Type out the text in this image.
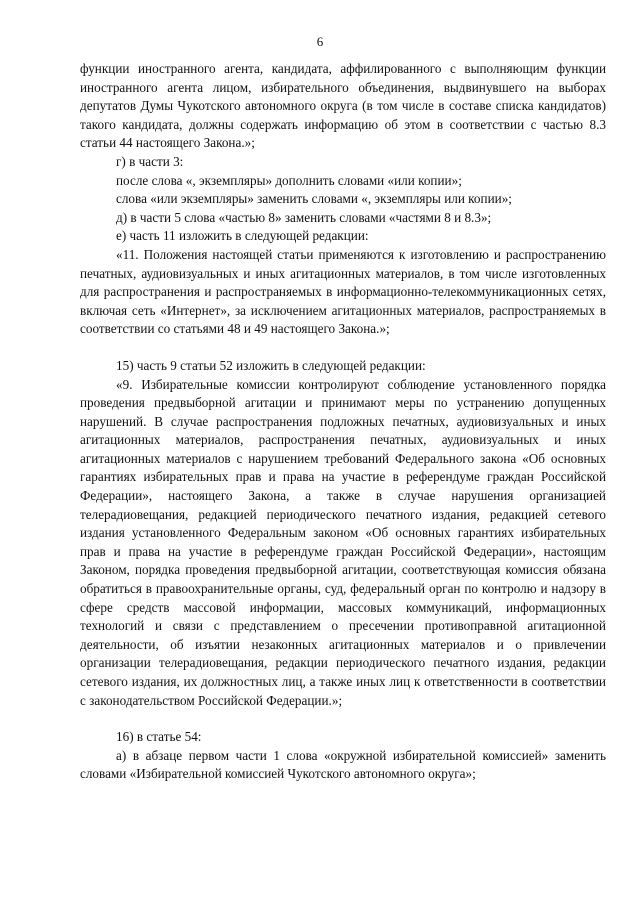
6

функции иностранного агента, кандидата, аффилированного с выполняющим функции иностранного агента лицом, избирательного объединения, выдвинувшего на выборах депутатов Думы Чукотского автономного округа (в том числе в составе списка кандидатов) такого кандидата, должны содержать информацию об этом в соответствии с частью 8.3 статьи 44 настоящего Закона.»;

г) в части 3:

после слова «, экземпляры» дополнить словами «или копии»;

слова «или экземпляры» заменить словами «, экземпляры или копии»;

д) в части 5 слова «частью 8» заменить словами «частями 8 и 8.3»;

е) часть 11 изложить в следующей редакции:

«11. Положения настоящей статьи применяются к изготовлению и распространению печатных, аудиовизуальных и иных агитационных материалов, в том числе изготовленных для распространения и распространяемых в информационно-телекоммуникационных сетях, включая сеть «Интернет», за исключением агитационных материалов, распространяемых в соответствии со статьями 48 и 49 настоящего Закона.»;

15) часть 9 статьи 52 изложить в следующей редакции:

«9. Избирательные комиссии контролируют соблюдение установленного порядка проведения предвыборной агитации и принимают меры по устранению допущенных нарушений. В случае распространения подложных печатных, аудиовизуальных и иных агитационных материалов, распространения печатных, аудиовизуальных и иных агитационных материалов с нарушением требований Федерального закона «Об основных гарантиях избирательных прав и права на участие в референдуме граждан Российской Федерации», настоящего Закона, а также в случае нарушения организацией телерадиовещания, редакцией периодического печатного издания, редакцией сетевого издания установленного Федеральным законом «Об основных гарантиях избирательных прав и права на участие в референдуме граждан Российской Федерации», настоящим Законом, порядка проведения предвыборной агитации, соответствующая комиссия обязана обратиться в правоохранительные органы, суд, федеральный орган по контролю и надзору в сфере средств массовой информации, массовых коммуникаций, информационных технологий и связи с представлением о пресечении противоправной агитационной деятельности, об изъятии незаконных агитационных материалов и о привлечении организации телерадиовещания, редакции периодического печатного издания, редакции сетевого издания, их должностных лиц, а также иных лиц к ответственности в соответствии с законодательством Российской Федерации.»;

16) в статье 54:

а) в абзаце первом части 1 слова «окружной избирательной комиссией» заменить словами «Избирательной комиссией Чукотского автономного округа»;
